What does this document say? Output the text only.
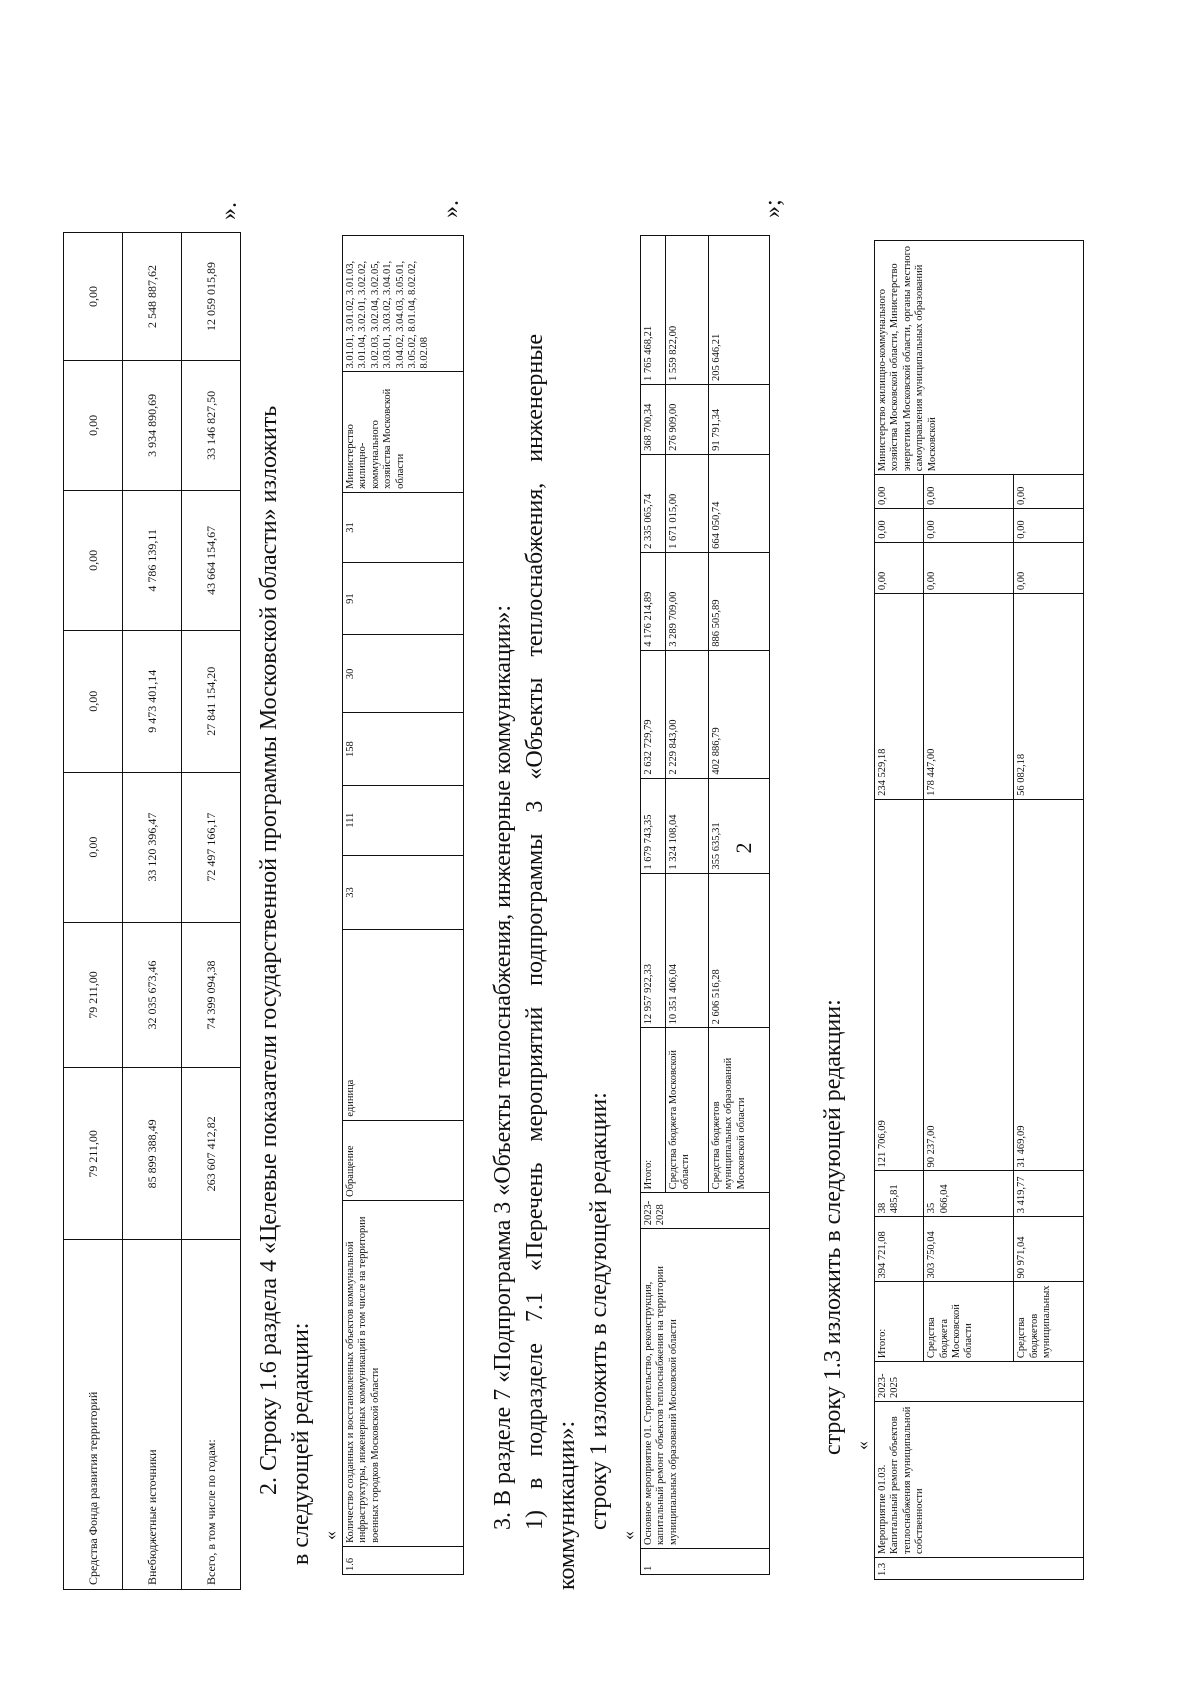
2
Средства Фонда развития территорий	79 211,00	79 211,00	0,00	0,00	0,00	0,00	0,00
Внебюджетные источники	85 899 388,49	32 035 673,46	33 120 396,47	9 473 401,14	4 786 139,11	3 934 890,69	2 548 887,62
Всего, в том числе по годам:	263 607 412,82	74 399 094,38	72 497 166,17	27 841 154,20	43 664 154,67	33 146 827,50	12 059 015,89
».

2. Строку 1.6 раздела 4 «Целевые показатели государственной программы Московской области» изложить в следующей редакции: «
1.6	Количество созданных и восстановленных объектов коммунальной инфраструктуры, инженерных коммуникаций в том числе на территории военных городков Московской области	Обращение	единица	33	111	158	30	91	31	Министерство жилищно-коммунального хозяйства Московской области	3.01.01, 3.01.02, 3.01.03, 3.01.04, 3.02.01, 3.02.02, 3.02.03, 3.02.04, 3.02.05, 3.03.01, 3.03.02, 3.04.01, 3.04.02, 3.04.03, 3.05.01, 3.05.02, 8.01.04, 8.02.02, 8.02.08
».

3. В разделе 7 «Подпрограмма 3 «Объекты теплоснабжения, инженерные коммуникации»: 1) в подразделе 7.1 «Перечень мероприятий подпрограммы 3 «Объекты теплоснабжения, инженерные коммуникации»: строку 1 изложить в следующей редакции:

«
1	Основное мероприятие 01. Строительство, реконструкция, капитальный ремонт объектов теплоснабжения на территории муниципальных образований Московской области	2023-2028	Итого:	12 957 922,33	1 679 743,35	2 632 729,79	4 176 214,89	2 335 065,74	368 700,34	1 765 468,21
			Средства бюджета Московской области	10 351 406,04	1 324 108,04	2 229 843,00	3 289 709,00	1 671 015,00	276 909,00	1 559 822,00
			Средства бюджетов муниципальных образований Московской области	2 606 516,28	355 635,31	402 886,79	886 505,89	664 050,74	91 791,34	205 646,21
»;

строку 1.3 изложить в следующей редакции: «
1.3	Мероприятие 01.03. Капитальный ремонт объектов теплоснабжения муниципальной собственности	2023-2025	Итого:	394 721,08	38 485,81	121 706,09	234 529,18	0,00	0,00	0,00	Министерство жилищно-коммунального хозяйства Московской области, Министерство энергетики Московской области, органы местного самоуправления муниципальных образований Московской
			Средства бюджета Московской области	303 750,04	35 066,04	90 237,00	178 447,00	0,00	0,00	0,00	
			Средства бюджетов муниципальных	90 971,04	3 419,77	31 469,09	56 082,18	0,00	0,00	0,00	
